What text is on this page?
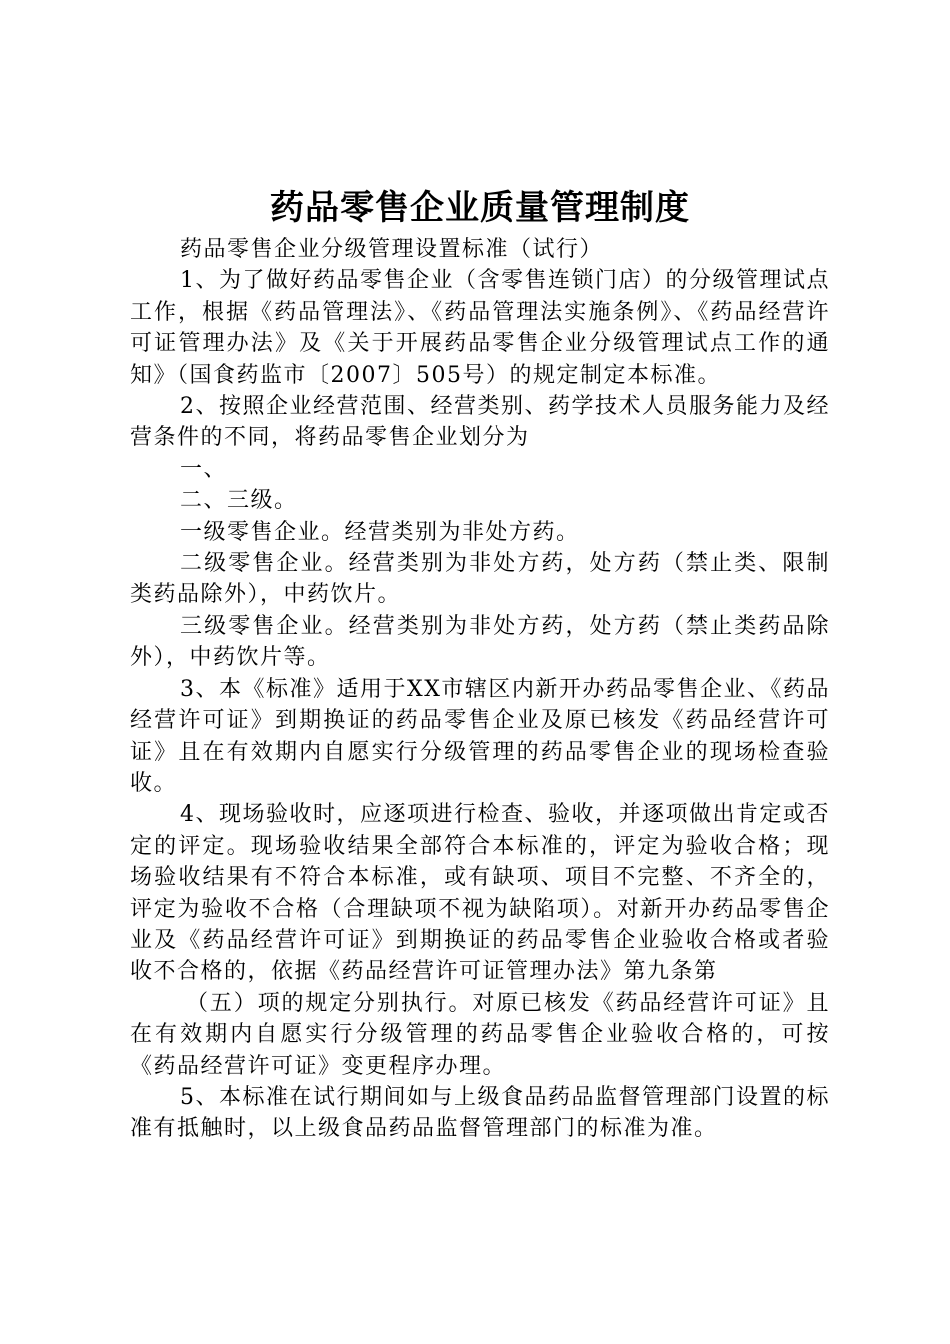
药品零售企业质量管理制度

药品零售企业分级管理设置标准（试行）

1、为了做好药品零售企业（含零售连锁门店）的分级管理试点工作，根据《药品管理法》、《药品管理法实施条例》、《药品经营许可证管理办法》及《关于开展药品零售企业分级管理试点工作的通知》（国食药监市〔2007〕505号）的规定制定本标准。

2、按照企业经营范围、经营类别、药学技术人员服务能力及经营条件的不同，将药品零售企业划分为

一、

二、三级。

一级零售企业。经营类别为非处方药。

二级零售企业。经营类别为非处方药，处方药（禁止类、限制类药品除外），中药饮片。

三级零售企业。经营类别为非处方药，处方药（禁止类药品除外），中药饮片等。

3、本《标准》适用于XX市辖区内新开办药品零售企业、《药品经营许可证》到期换证的药品零售企业及原已核发《药品经营许可证》且在有效期内自愿实行分级管理的药品零售企业的现场检查验收。

4、现场验收时，应逐项进行检查、验收，并逐项做出肯定或否定的评定。现场验收结果全部符合本标准的，评定为验收合格；现场验收结果有不符合本标准，或有缺项、项目不完整、不齐全的，评定为验收不合格（合理缺项不视为缺陷项）。对新开办药品零售企业及《药品经营许可证》到期换证的药品零售企业验收合格或者验收不合格的，依据《药品经营许可证管理办法》第九条第

（五）项的规定分别执行。对原已核发《药品经营许可证》且在有效期内自愿实行分级管理的药品零售企业验收合格的，可按《药品经营许可证》变更程序办理。

5、本标准在试行期间如与上级食品药品监督管理部门设置的标准有抵触时，以上级食品药品监督管理部门的标准为准。
